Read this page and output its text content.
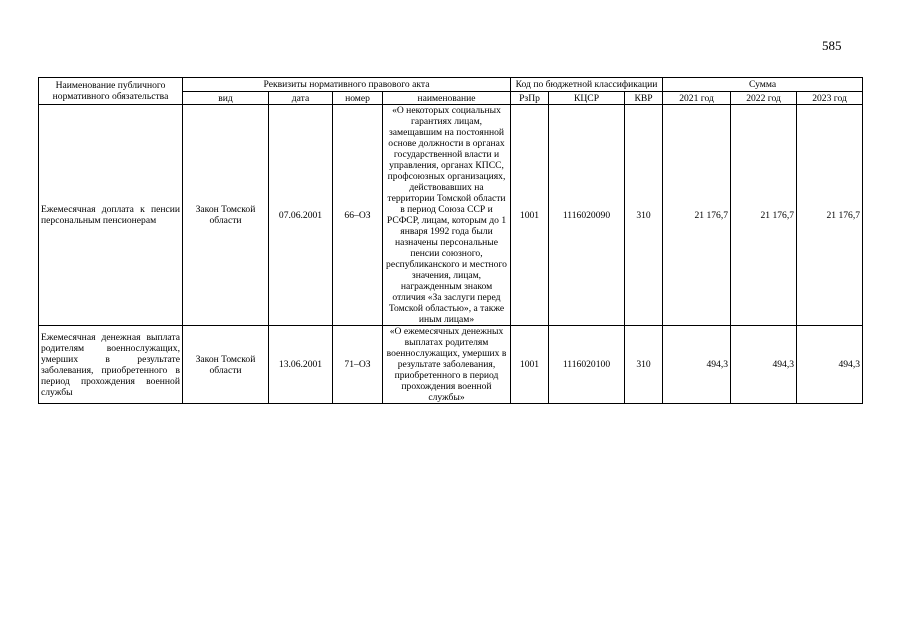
585
Наименование публичного нормативного обязательства	Реквизиты нормативного правового акта				Код по бюджетной классификации			Сумма		
	вид	дата	номер	наименование	РзПр	КЦСР	КВР	2021 год	2022 год	2023 год
Ежемесячная доплата к пенсии персональным пенсионерам	Закон Томской области	07.06.2001	66–ОЗ	«О некоторых социальных гарантиях лицам, замещавшим на постоянной основе должности в органах государственной власти и управления, органах КПСС, профсоюзных организациях, действовавших на территории Томской области в период Союза ССР и РСФСР, лицам, которым до 1 января 1992 года были назначены персональные пенсии союзного, республиканского и местного значения, лицам, награжденным знаком отличия «За заслуги перед Томской областью», а также иным лицам»	1001	1116020090	310	21 176,7	21 176,7	21 176,7
Ежемесячная денежная выплата родителям военнослужащих, умерших в результате заболевания, приобретенного в период прохождения военной службы	Закон Томской области	13.06.2001	71–ОЗ	«О ежемесячных денежных выплатах родителям военнослужащих, умерших в результате заболевания, приобретенного в период прохождения военной службы»	1001	1116020100	310	494,3	494,3	494,3
